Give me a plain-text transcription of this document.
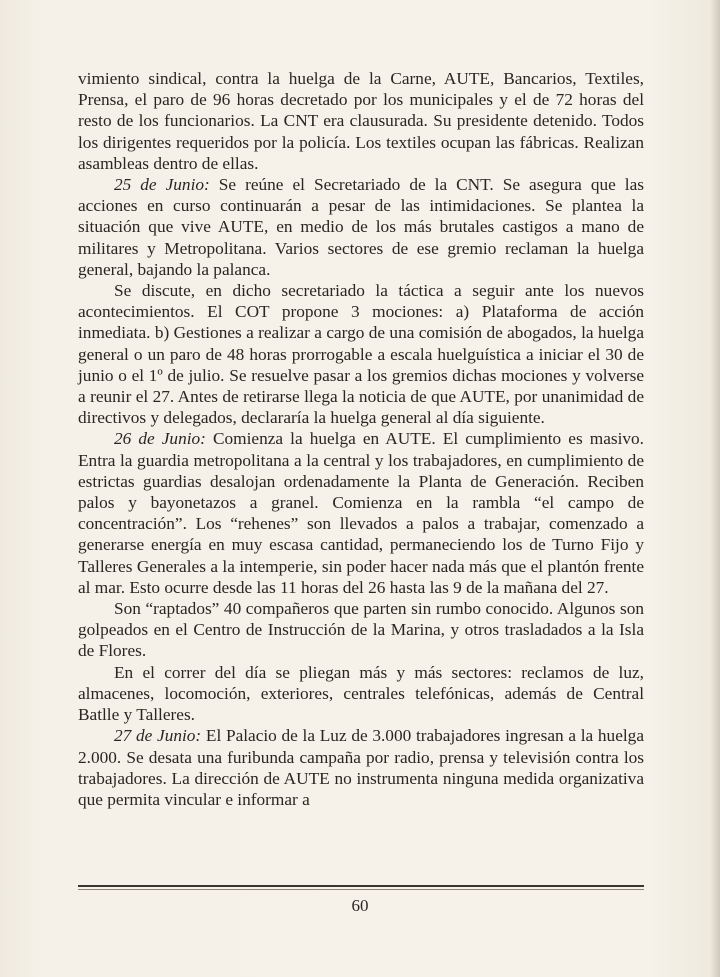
vimiento sindical, contra la huelga de la Carne, AUTE, Bancarios, Textiles, Prensa, el paro de 96 horas decretado por los municipales y el de 72 horas del resto de los funcionarios. La CNT era clausurada. Su presidente detenido. Todos los dirigentes requeridos por la policía. Los textiles ocupan las fábricas. Realizan asambleas dentro de ellas.

25 de Junio: Se reúne el Secretariado de la CNT. Se asegura que las acciones en curso continuarán a pesar de las intimidaciones. Se plantea la situación que vive AUTE, en medio de los más brutales castigos a mano de militares y Metropolitana. Varios sectores de ese gremio reclaman la huelga general, bajando la palanca.

Se discute, en dicho secretariado la táctica a seguir ante los nuevos acontecimientos. El COT propone 3 mociones: a) Plataforma de acción inmediata. b) Gestiones a realizar a cargo de una comisión de abogados, la huelga general o un paro de 48 horas prorrogable a escala huelguística a iniciar el 30 de junio o el 1º de julio. Se resuelve pasar a los gremios dichas mociones y volverse a reunir el 27. Antes de retirarse llega la noticia de que AUTE, por unanimidad de directivos y delegados, declararía la huelga general al día siguiente.

26 de Junio: Comienza la huelga en AUTE. El cumplimiento es masivo. Entra la guardia metropolitana a la central y los trabajadores, en cumplimiento de estrictas guardias desalojan ordenadamente la Planta de Generación. Reciben palos y bayonetazos a granel. Comienza en la rambla “el campo de concentración”. Los “rehenes” son llevados a palos a trabajar, comenzado a generarse energía en muy escasa cantidad, permaneciendo los de Turno Fijo y Talleres Generales a la intemperie, sin poder hacer nada más que el plantón frente al mar. Esto ocurre desde las 11 horas del 26 hasta las 9 de la mañana del 27.

Son “raptados” 40 compañeros que parten sin rumbo conocido. Algunos son golpeados en el Centro de Instrucción de la Marina, y otros trasladados a la Isla de Flores.

En el correr del día se pliegan más y más sectores: reclamos de luz, almacenes, locomoción, exteriores, centrales telefónicas, además de Central Batlle y Talleres.

27 de Junio: El Palacio de la Luz de 3.000 trabajadores ingresan a la huelga 2.000. Se desata una furibunda campaña por radio, prensa y televisión contra los trabajadores. La dirección de AUTE no instrumenta ninguna medida organizativa que permita vincular e informar a

60
